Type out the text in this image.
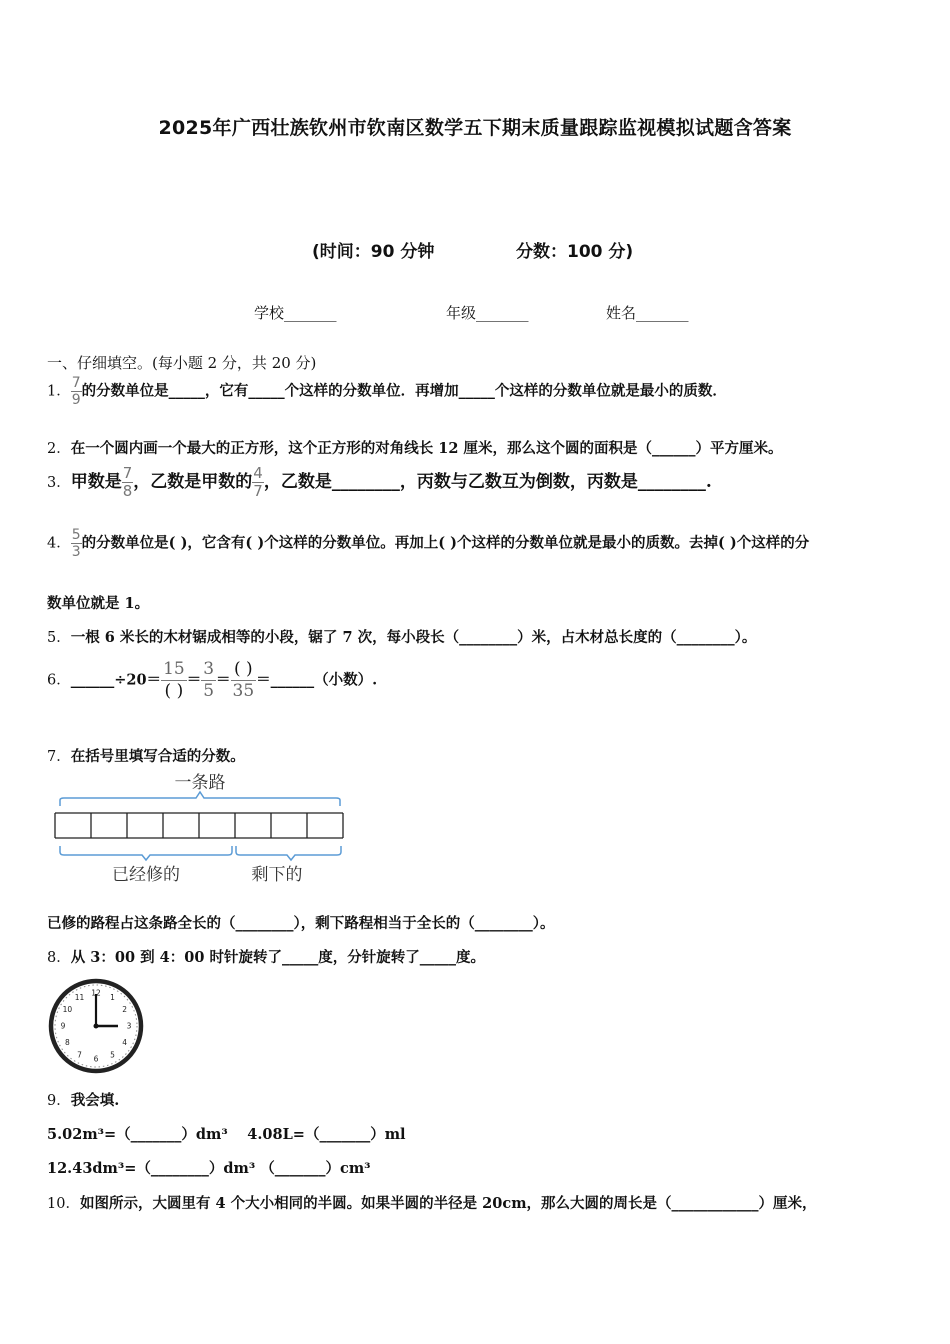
2025年广西壮族钦州市钦南区数学五下期末质量跟踪监视模拟试题含答案
(时间：90 分钟	分数：100 分)
学校_______	年级_______	姓名_______
一、仔细填空。(每小题 2 分，共 20 分)
1． $\frac{7}{9}$ 的分数单位是_____，它有_____个这样的分数单位．再增加_____个这样的分数单位就是最小的质数．
2．在一个圆内画一个最大的正方形，这个正方形的对角线长 12 厘米，那么这个圆的面积是（______）平方厘米。
3．甲数是 $\frac{7}{8}$ ，乙数是甲数的 $\frac{4}{7}$ ，乙数是________，丙数与乙数互为倒数，丙数是________.
4． $\frac{5}{3}$ 的分数单位是( )，它含有( )个这样的分数单位。再加上( )个这样的分数单位就是最小的质数。去掉( )个这样的分
数单位就是 1。
5．一根 6 米长的木材锯成相等的小段，锯了 7 次，每小段长（________）米，占木材总长度的（________）。
6．______÷20＝ $\frac{15}{( )} = \frac{3}{5} = \frac{( )}{35}$ ＝______（小数）.
7．在括号里填写合适的分数。
一条路
已经修的	剩下的
已修的路程占这条路全长的（________），剩下路程相当于全长的（________）。
8．从 3：00 到 4：00 时针旋转了_____度，分针旋转了_____度。
12 1
2
3
4
5
6
7
8
9
10
11
9．我会填.
5.02m³=（_______）dm³　 4.08L=（_______）ml
12.43dm³=（________）dm³ （_______）cm³
10．如图所示，大圆里有 4 个大小相同的半圆。如果半圆的半径是 20cm，那么大圆的周长是（____________）厘米，
